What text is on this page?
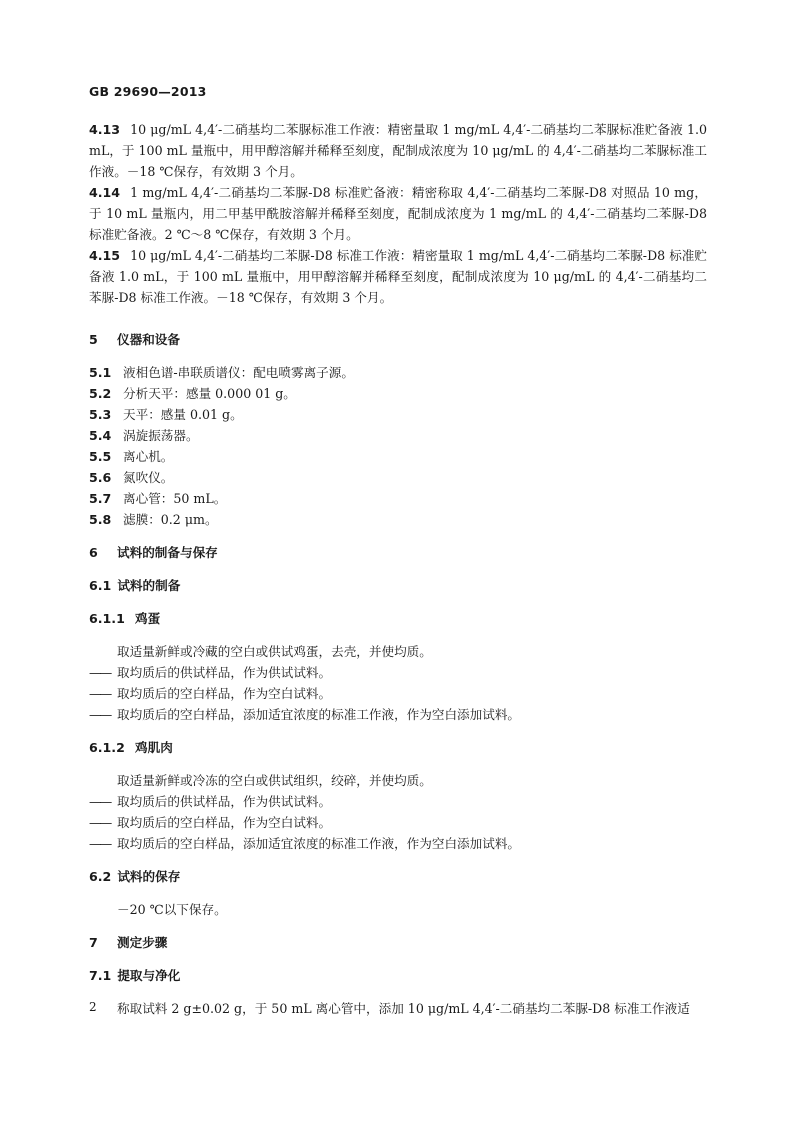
GB 29690—2013

4.13 10 μg/mL 4,4′-二硝基均二苯脲标准工作液：精密量取 1 mg/mL 4,4′-二硝基均二苯脲标准贮备液 1.0 mL，于 100 mL 量瓶中，用甲醇溶解并稀释至刻度，配制成浓度为 10 μg/mL 的 4,4′-二硝基均二苯脲标准工作液。－18 ℃保存，有效期 3 个月。

4.14 1 mg/mL 4,4′-二硝基均二苯脲-D8 标准贮备液：精密称取 4,4′-二硝基均二苯脲-D8 对照品 10 mg，于 10 mL 量瓶内，用二甲基甲酰胺溶解并稀释至刻度，配制成浓度为 1 mg/mL 的 4,4′-二硝基均二苯脲-D8 标准贮备液。2 ℃～8 ℃保存，有效期 3 个月。

4.15 10 μg/mL 4,4′-二硝基均二苯脲-D8 标准工作液：精密量取 1 mg/mL 4,4′-二硝基均二苯脲-D8 标准贮备液 1.0 mL，于 100 mL 量瓶中，用甲醇溶解并稀释至刻度，配制成浓度为 10 μg/mL 的 4,4′-二硝基均二苯脲-D8 标准工作液。－18 ℃保存，有效期 3 个月。

5 仪器和设备

5.1 液相色谱-串联质谱仪：配电喷雾离子源。

5.2 分析天平：感量 0.000 01 g。

5.3 天平：感量 0.01 g。

5.4 涡旋振荡器。

5.5 离心机。

5.6 氮吹仪。

5.7 离心管：50 mL。

5.8 滤膜：0.2 μm。

6 试料的制备与保存

6.1 试料的制备

6.1.1 鸡蛋

取适量新鲜或冷藏的空白或供试鸡蛋，去壳，并使均质。

—— 取均质后的供试样品，作为供试试料。

—— 取均质后的空白样品，作为空白试料。

—— 取均质后的空白样品，添加适宜浓度的标准工作液，作为空白添加试料。

6.1.2 鸡肌肉

取适量新鲜或冷冻的空白或供试组织，绞碎，并使均质。

—— 取均质后的供试样品，作为供试试料。

—— 取均质后的空白样品，作为空白试料。

—— 取均质后的空白样品，添加适宜浓度的标准工作液，作为空白添加试料。

6.2 试料的保存

－20 ℃以下保存。

7 测定步骤

7.1 提取与净化

称取试料 2 g±0.02 g，于 50 mL 离心管中，添加 10 μg/mL 4,4′-二硝基均二苯脲-D8 标准工作液适

2
